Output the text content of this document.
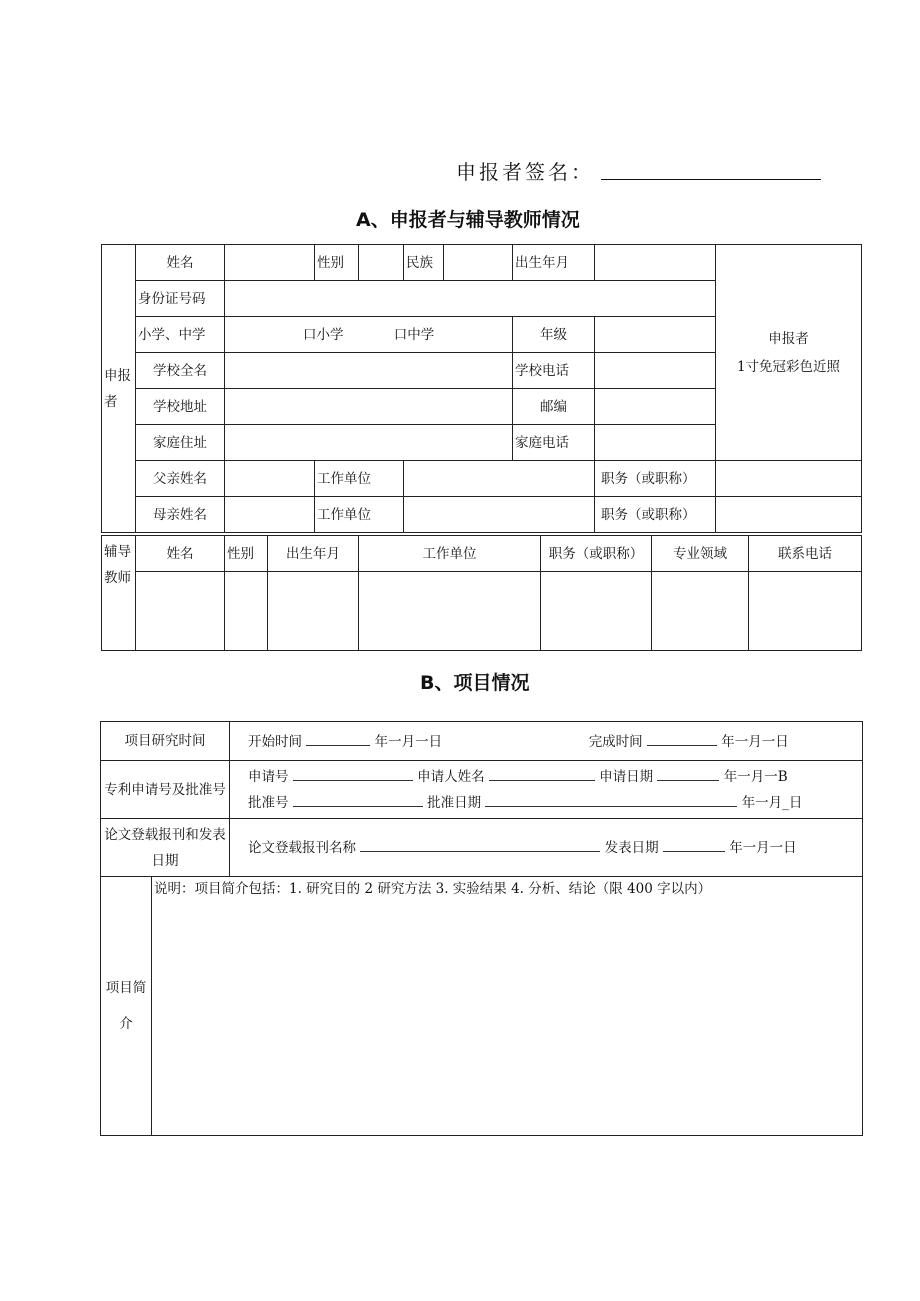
申报者签名：
A、申报者与辅导教师情况
申报者	姓名		性别		民族		出生年月		申报者
1寸免冠彩色近照

	身份证号码								
	小学、中学	口小学 口中学					年级		
	学校全名						学校电话		
	学校地址						邮编		
	家庭住址						家庭电话		
	父亲姓名		工作单位					职务（或职称）	
	母亲姓名		工作单位					职务（或职称）	
辅导教师	姓名	性别	出生年月	工作单位	职务（或职称）	专业领域	联系电话

B、项目情况
项目研究时间		开始时间 年一月一日 完成时间 年一月一日
专利申请号及批准号		申请号 申请人姓名 申请日期 年一月一B
批准号 批准日期 年一月_日

论文登载报刊和发表日期		论文登载报刊名称 发表日期 年一月一日
项目简介	说明：项目简介包括：1. 研究目的 2 研究方法 3. 实验结果 4. 分析、结论（限 400 字以内）	
